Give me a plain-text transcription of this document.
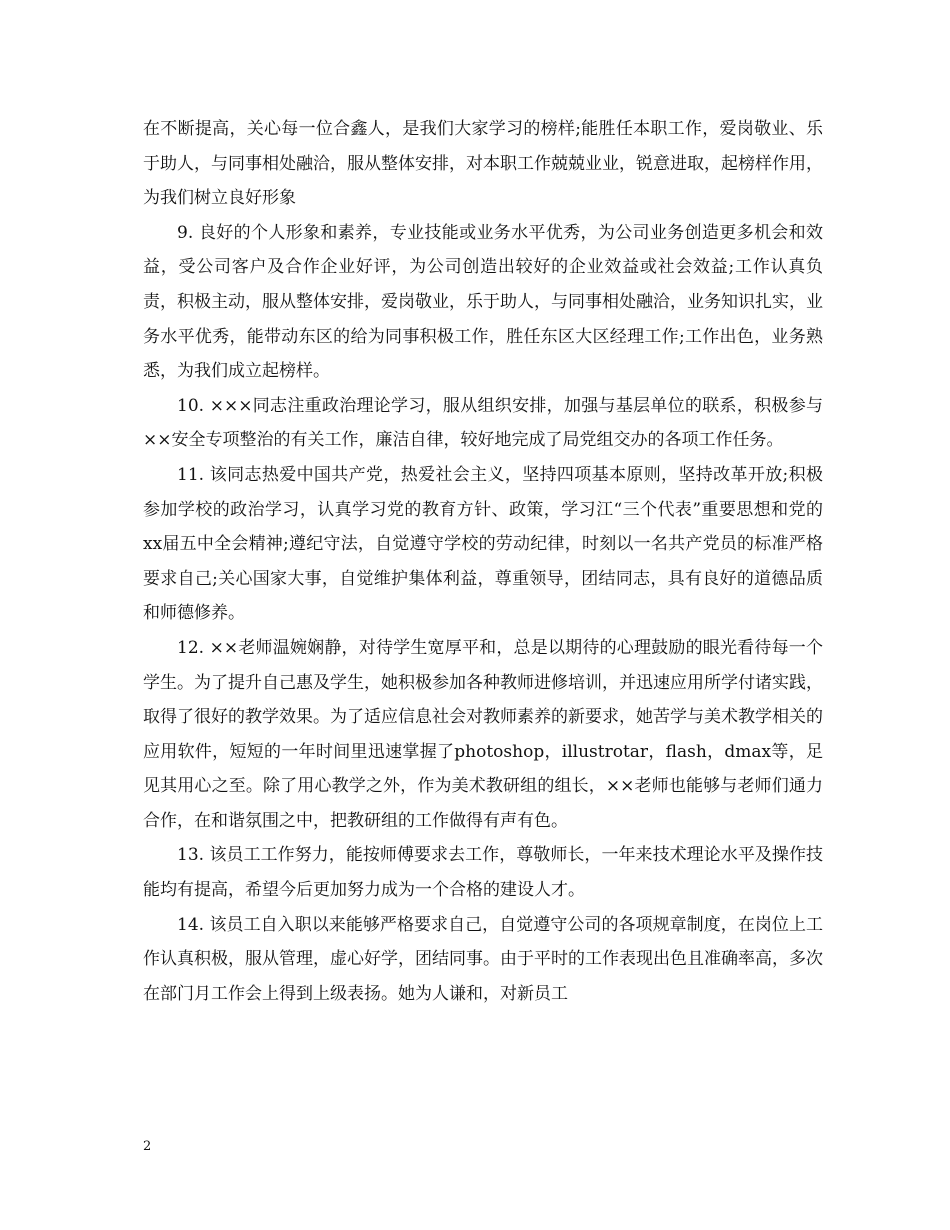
在不断提高，关心每一位合鑫人，是我们大家学习的榜样;能胜任本职工作，爱岗敬业、乐于助人，与同事相处融洽，服从整体安排，对本职工作兢兢业业，锐意进取，起榜样作用，为我们树立良好形象

9. 良好的个人形象和素养，专业技能或业务水平优秀，为公司业务创造更多机会和效益，受公司客户及合作企业好评，为公司创造出较好的企业效益或社会效益;工作认真负责，积极主动，服从整体安排，爱岗敬业，乐于助人，与同事相处融洽，业务知识扎实，业务水平优秀，能带动东区的给为同事积极工作，胜任东区大区经理工作;工作出色，业务熟悉，为我们成立起榜样。

10. ×××同志注重政治理论学习，服从组织安排，加强与基层单位的联系，积极参与××安全专项整治的有关工作，廉洁自律，较好地完成了局党组交办的各项工作任务。

11. 该同志热爱中国共产党，热爱社会主义，坚持四项基本原则，坚持改革开放;积极参加学校的政治学习，认真学习党的教育方针、政策，学习江“三个代表”重要思想和党的xx届五中全会精神;遵纪守法，自觉遵守学校的劳动纪律，时刻以一名共产党员的标准严格要求自己;关心国家大事，自觉维护集体利益，尊重领导，团结同志，具有良好的道德品质和师德修养。

12. ××老师温婉娴静，对待学生宽厚平和，总是以期待的心理鼓励的眼光看待每一个学生。为了提升自己惠及学生，她积极参加各种教师进修培训，并迅速应用所学付诸实践，取得了很好的教学效果。为了适应信息社会对教师素养的新要求，她苦学与美术教学相关的应用软件，短短的一年时间里迅速掌握了photoshop，illustrotar，flash，dmax等，足见其用心之至。除了用心教学之外，作为美术教研组的组长，××老师也能够与老师们通力合作，在和谐氛围之中，把教研组的工作做得有声有色。

13. 该员工工作努力，能按师傅要求去工作，尊敬师长，一年来技术理论水平及操作技能均有提高，希望今后更加努力成为一个合格的建设人才。

14. 该员工自入职以来能够严格要求自己，自觉遵守公司的各项规章制度，在岗位上工作认真积极，服从管理，虚心好学，团结同事。由于平时的工作表现出色且准确率高，多次在部门月工作会上得到上级表扬。她为人谦和，对新员工

2
